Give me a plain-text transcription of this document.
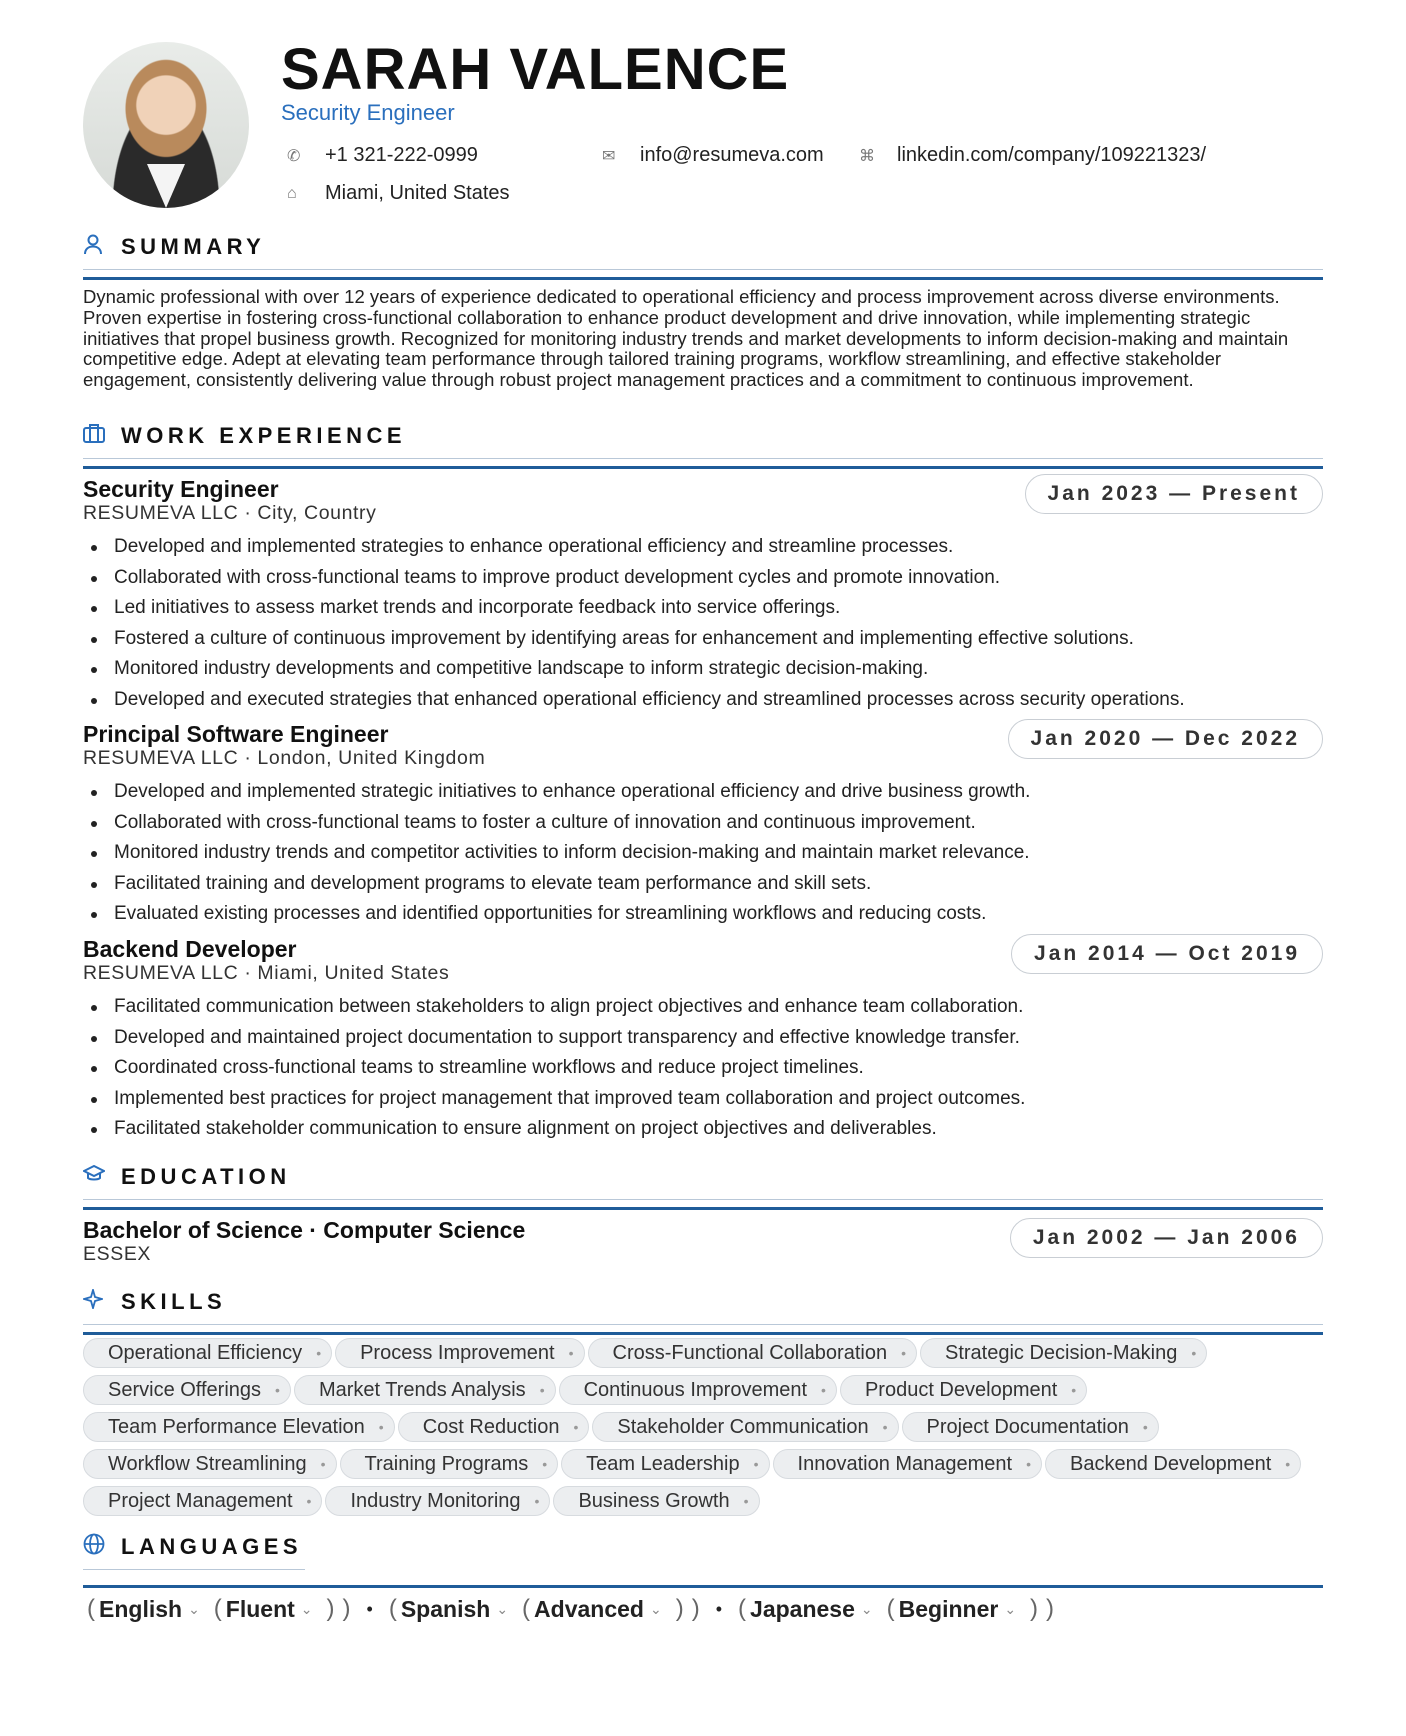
SARAH VALENCE
Security Engineer
✆	+1 321-222-0999	✉	info@resumeva.com ⌘	linkedin.com/company/109221323/
⌂	Miami, United States
SUMMARY
Dynamic professional with over 12 years of experience dedicated to operational efficiency and process improvement across diverse environments. Proven expertise in fostering cross-functional collaboration to enhance product development and drive innovation, while implementing strategic initiatives that propel business growth. Recognized for monitoring industry trends and market developments to inform decision-making and maintain competitive edge. Adept at elevating team performance through tailored training programs, workflow streamlining, and effective stakeholder engagement, consistently delivering value through robust project management practices and a commitment to continuous improvement.
WORK EXPERIENCE
Security Engineer
RESUMEVA LLC · City, Country
Jan 2023 — Present
Developed and implemented strategies to enhance operational efficiency and streamline processes.
Collaborated with cross-functional teams to improve product development cycles and promote innovation.
Led initiatives to assess market trends and incorporate feedback into service offerings.
Fostered a culture of continuous improvement by identifying areas for enhancement and implementing effective solutions.
Monitored industry developments and competitive landscape to inform strategic decision-making.
Developed and executed strategies that enhanced operational efficiency and streamlined processes across security operations.
Principal Software Engineer
RESUMEVA LLC · London, United Kingdom
Jan 2020 — Dec 2022
Developed and implemented strategic initiatives to enhance operational efficiency and drive business growth.
Collaborated with cross-functional teams to foster a culture of innovation and continuous improvement.
Monitored industry trends and competitor activities to inform decision-making and maintain market relevance.
Facilitated training and development programs to elevate team performance and skill sets.
Evaluated existing processes and identified opportunities for streamlining workflows and reducing costs.
Backend Developer
RESUMEVA LLC · Miami, United States
Jan 2014 — Oct 2019
Facilitated communication between stakeholders to align project objectives and enhance team collaboration.
Developed and maintained project documentation to support transparency and effective knowledge transfer.
Coordinated cross-functional teams to streamline workflows and reduce project timelines.
Implemented best practices for project management that improved team collaboration and project outcomes.
Facilitated stakeholder communication to ensure alignment on project objectives and deliverables.
EDUCATION
Bachelor of Science · Computer Science
ESSEX
Jan 2002 — Jan 2006
SKILLS
Operational Efficiency • Process Improvement • Cross-Functional Collaboration • Strategic Decision-Making •
Service Offerings • Market Trends Analysis • Continuous Improvement • Product Development •
Team Performance Elevation • Cost Reduction • Stakeholder Communication • Project Documentation •
Workflow Streamlining • Training Programs • Team Leadership • Innovation Management • Backend Development •
Project Management • Industry Monitoring • Business Growth •
LANGUAGES
( English ⌄ ( Fluent ⌄ ) ) • ( Spanish ⌄ ( Advanced ⌄ ) ) • ( Japanese ⌄ ( Beginner ⌄ ) )
